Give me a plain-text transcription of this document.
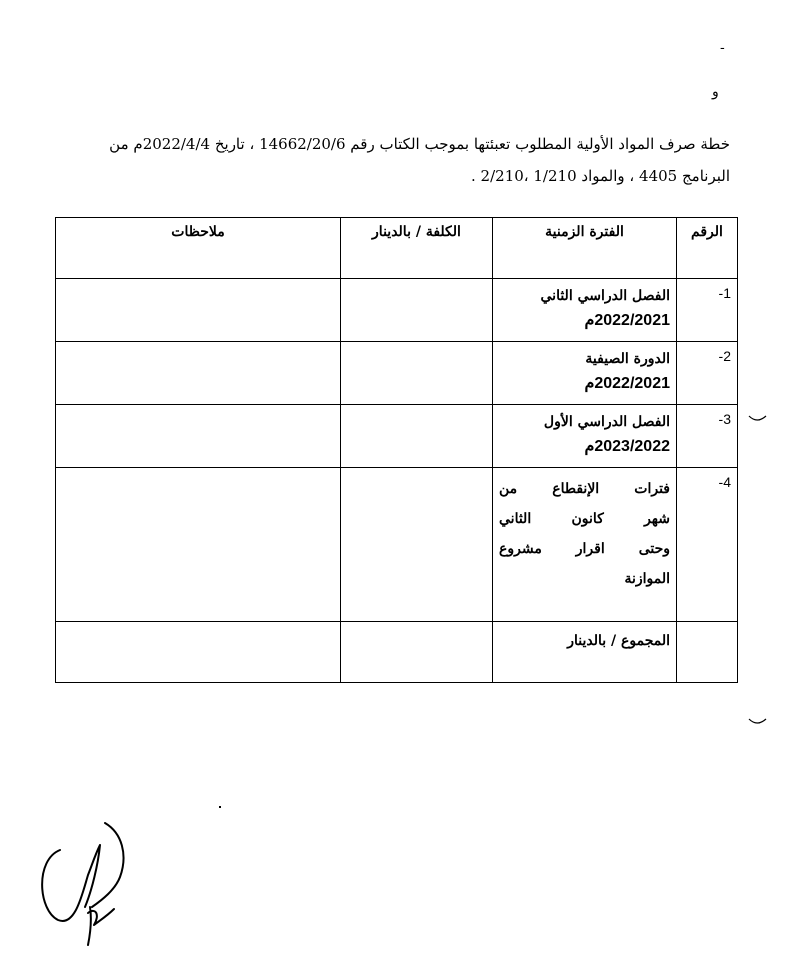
-
ﻭ
خطة صرف المواد الأولية المطلوب تعبئتها بموجب الكتاب رقم 14662/20/6 ، تاريخ 2022/4/4م من
البرنامج 4405 ، والمواد 1/210 ،2/210 .
الرقم	الفترة الزمنية	الكلفة / بالدينار	ملاحظات
1-	الفصل الدراسي الثاني
2022/2021م		

2-	الدورة الصيفية
2022/2021م		

3-	الفصل الدراسي الأول
2023/2022م		

4-	فترات الإنقطاع من
شهر كانون الثاني
وحتى اقرار مشروع
الموازنة		

	المجموع / بالدينار		
